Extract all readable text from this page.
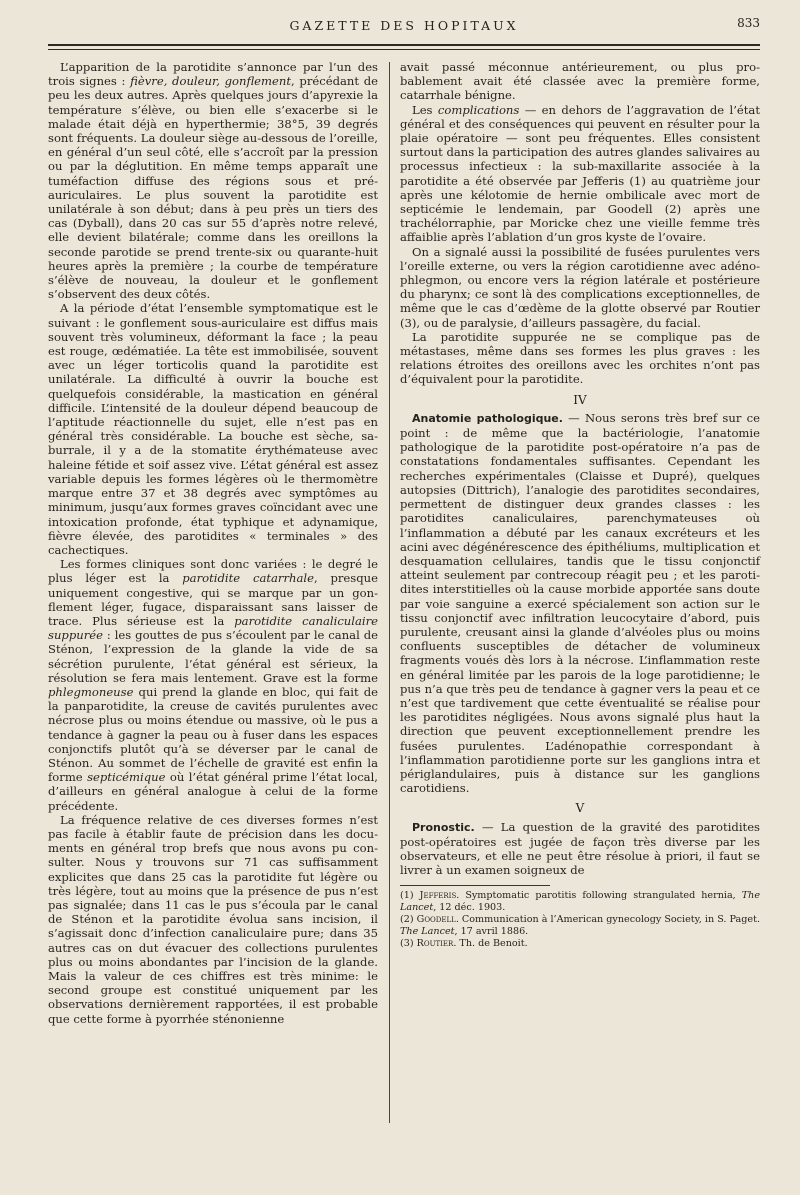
GAZETTE DES HOPITAUX	833

L’apparition de la parotidite s’annonce par l’un des trois signes : fièvre, douleur, gonflement, précédant de peu les deux autres. Après quelques jours d’apyrexie la température s’élève, ou bien elle s’exacerbe si le malade était déjà en hyperthermie; 38°5, 39 degrés sont fréquents. La douleur siège au-dessous de l’oreille, en général d’un seul côté, elle s’accroît par la pression ou par la déglutition. En même temps apparaît une tuméfaction diffuse des régions sous et pré-auriculaires. Le plus souvent la parotidite est unilatérale à son début; dans à peu près un tiers des cas (Dyball), dans 20 cas sur 55 d’après notre relevé, elle devient bilatérale; comme dans les oreillons la seconde parotide se prend trente-six ou quarante-huit heures après la première ; la courbe de température s’élève de nouveau, la douleur et le gonflement s’observent des deux côtés.

A la période d’état l’ensemble symptomatique est le suivant : le gonflement sous-auriculaire est diffus mais souvent très volumineux, déformant la face ; la peau est rouge, œdématiée. La tête est immobilisée, souvent avec un léger torticolis quand la parotidite est unilatérale. La difficulté à ouvrir la bouche est quelquefois considérable, la mastication en général difficile. L’intensité de la douleur dépend beaucoup de l’aptitude réactionnelle du sujet, elle n’est pas en général très considérable. La bouche est sèche, saburrale, il y a de la stomatite érythémateuse avec haleine fétide et soif assez vive. L’état général est assez variable depuis les formes légères où le thermomètre marque entre 37 et 38 degrés avec symptômes au minimum, jusqu’aux formes graves coïncidant avec une intoxication profonde, état typhique et adynamique, fièvre élevée, des parotidites « terminales » des cachectiques.

Les formes cliniques sont donc variées : le degré le plus léger est la parotidite catarrhale, presque uniquement congestive, qui se marque par un gonflement léger, fugace, disparaissant sans laisser de trace. Plus sérieuse est la parotidite canaliculaire suppurée : les gouttes de pus s’écoulent par le canal de Sténon, l’expression de la glande la vide de sa sécrétion purulente, l’état général est sérieux, la résolution se fera mais lentement. Grave est la forme phlegmoneuse qui prend la glande en bloc, qui fait de la panparotidite, la creuse de cavités purulentes avec nécrose plus ou moins étendue ou massive, où le pus a tendance à gagner la peau ou à fuser dans les espaces conjonctifs plutôt qu’à se déverser par le canal de Sténon. Au sommet de l’échelle de gravité est enfin la forme septicémique où l’état général prime l’état local, d’ailleurs en général analogue à celui de la forme précédente.

La fréquence relative de ces diverses formes n’est pas facile à établir faute de précision dans les documents en général trop brefs que nous avons pu consulter. Nous y trouvons sur 71 cas suffisamment explicites que dans 25 cas la parotidite fut légère ou très légère, tout au moins que la présence de pus n’est pas signalée; dans 11 cas le pus s’écoula par le canal de Sténon et la parotidite évolua sans incision, il s’agissait donc d’infection canaliculaire pure; dans 35 autres cas on dut évacuer des collections purulentes plus ou moins abondantes par l’incision de la glande. Mais la valeur de ces chiffres est très minime: le second groupe est constitué uniquement par les observations dernièrement rapportées, il est probable que cette forme à pyorrhée sténonienne

avait passé méconnue antérieurement, ou plus probablement avait été classée avec la première forme, catarrhale bénigne.

Les complications — en dehors de l’aggravation de l’état général et des conséquences qui peuvent en résulter pour la plaie opératoire — sont peu fréquentes. Elles consistent surtout dans la participation des autres glandes salivaires au processus infectieux : la sub-maxillarite associée à la parotidite a été observée par Jefferis (1) au quatrième jour après une kélotomie de hernie ombilicale avec mort de septicémie le lendemain, par Goodell (2) après une trachélorraphie, par Moricke chez une vieille femme très affaiblie après l’ablation d’un gros kyste de l’ovaire.

On a signalé aussi la possibilité de fusées purulentes vers l’oreille externe, ou vers la région carotidienne avec adéno-phlegmon, ou encore vers la région latérale et postérieure du pharynx; ce sont là des complications exceptionnelles, de même que le cas d’œdème de la glotte observé par Routier (3), ou de paralysie, d’ailleurs passagère, du facial.

La parotidite suppurée ne se complique pas de métastases, même dans ses formes les plus graves : les relations étroites des oreillons avec les orchites n’ont pas d’équivalent pour la parotidite.

IV

Anatomie pathologique. — Nous serons très bref sur ce point : de même que la bactériologie, l’anatomie pathologique de la parotidite post-opératoire n’a pas de constatations fondamentales suffisantes. Cependant les recherches expérimentales (Claisse et Dupré), quelques autopsies (Dittrich), l’analogie des parotidites secondaires, permettent de distinguer deux grandes classes : les parotidites canaliculaires, parenchymateuses où l’inflammation a débuté par les canaux excréteurs et les acini avec dégénérescence des épithéliums, multiplication et desquamation cellulaires, tandis que le tissu conjonctif atteint seulement par contrecoup réagit peu ; et les parotidites interstitielles où la cause morbide apportée sans doute par voie sanguine a exercé spécialement son action sur le tissu conjonctif avec infiltration leucocytaire d’abord, puis purulente, creusant ainsi la glande d’alvéoles plus ou moins confluents susceptibles de détacher de volumineux fragments voués dès lors à la nécrose. L’inflammation reste en général limitée par les parois de la loge parotidienne; le pus n’a que très peu de tendance à gagner vers la peau et ce n’est que tardivement que cette éventualité se réalise pour les parotidites négligées. Nous avons signalé plus haut la direction que peuvent exceptionnellement prendre les fusées purulentes. L’adénopathie correspondant à l’inflammation parotidienne porte sur les ganglions intra et périglandulaires, puis à distance sur les ganglions carotidiens.

V

Pronostic. — La question de la gravité des parotidites post-opératoires est jugée de façon très diverse par les observateurs, et elle ne peut être résolue à priori, il faut se livrer à un examen soigneux de

(1) Jefferis. Symptomatic parotitis following strangulated hernia, The Lancet, 12 déc. 1903.

(2) Goodell. Communication à l’American gynecology Society, in S. Paget. The Lancet, 17 avril 1886.

(3) Routier. Th. de Benoit.
